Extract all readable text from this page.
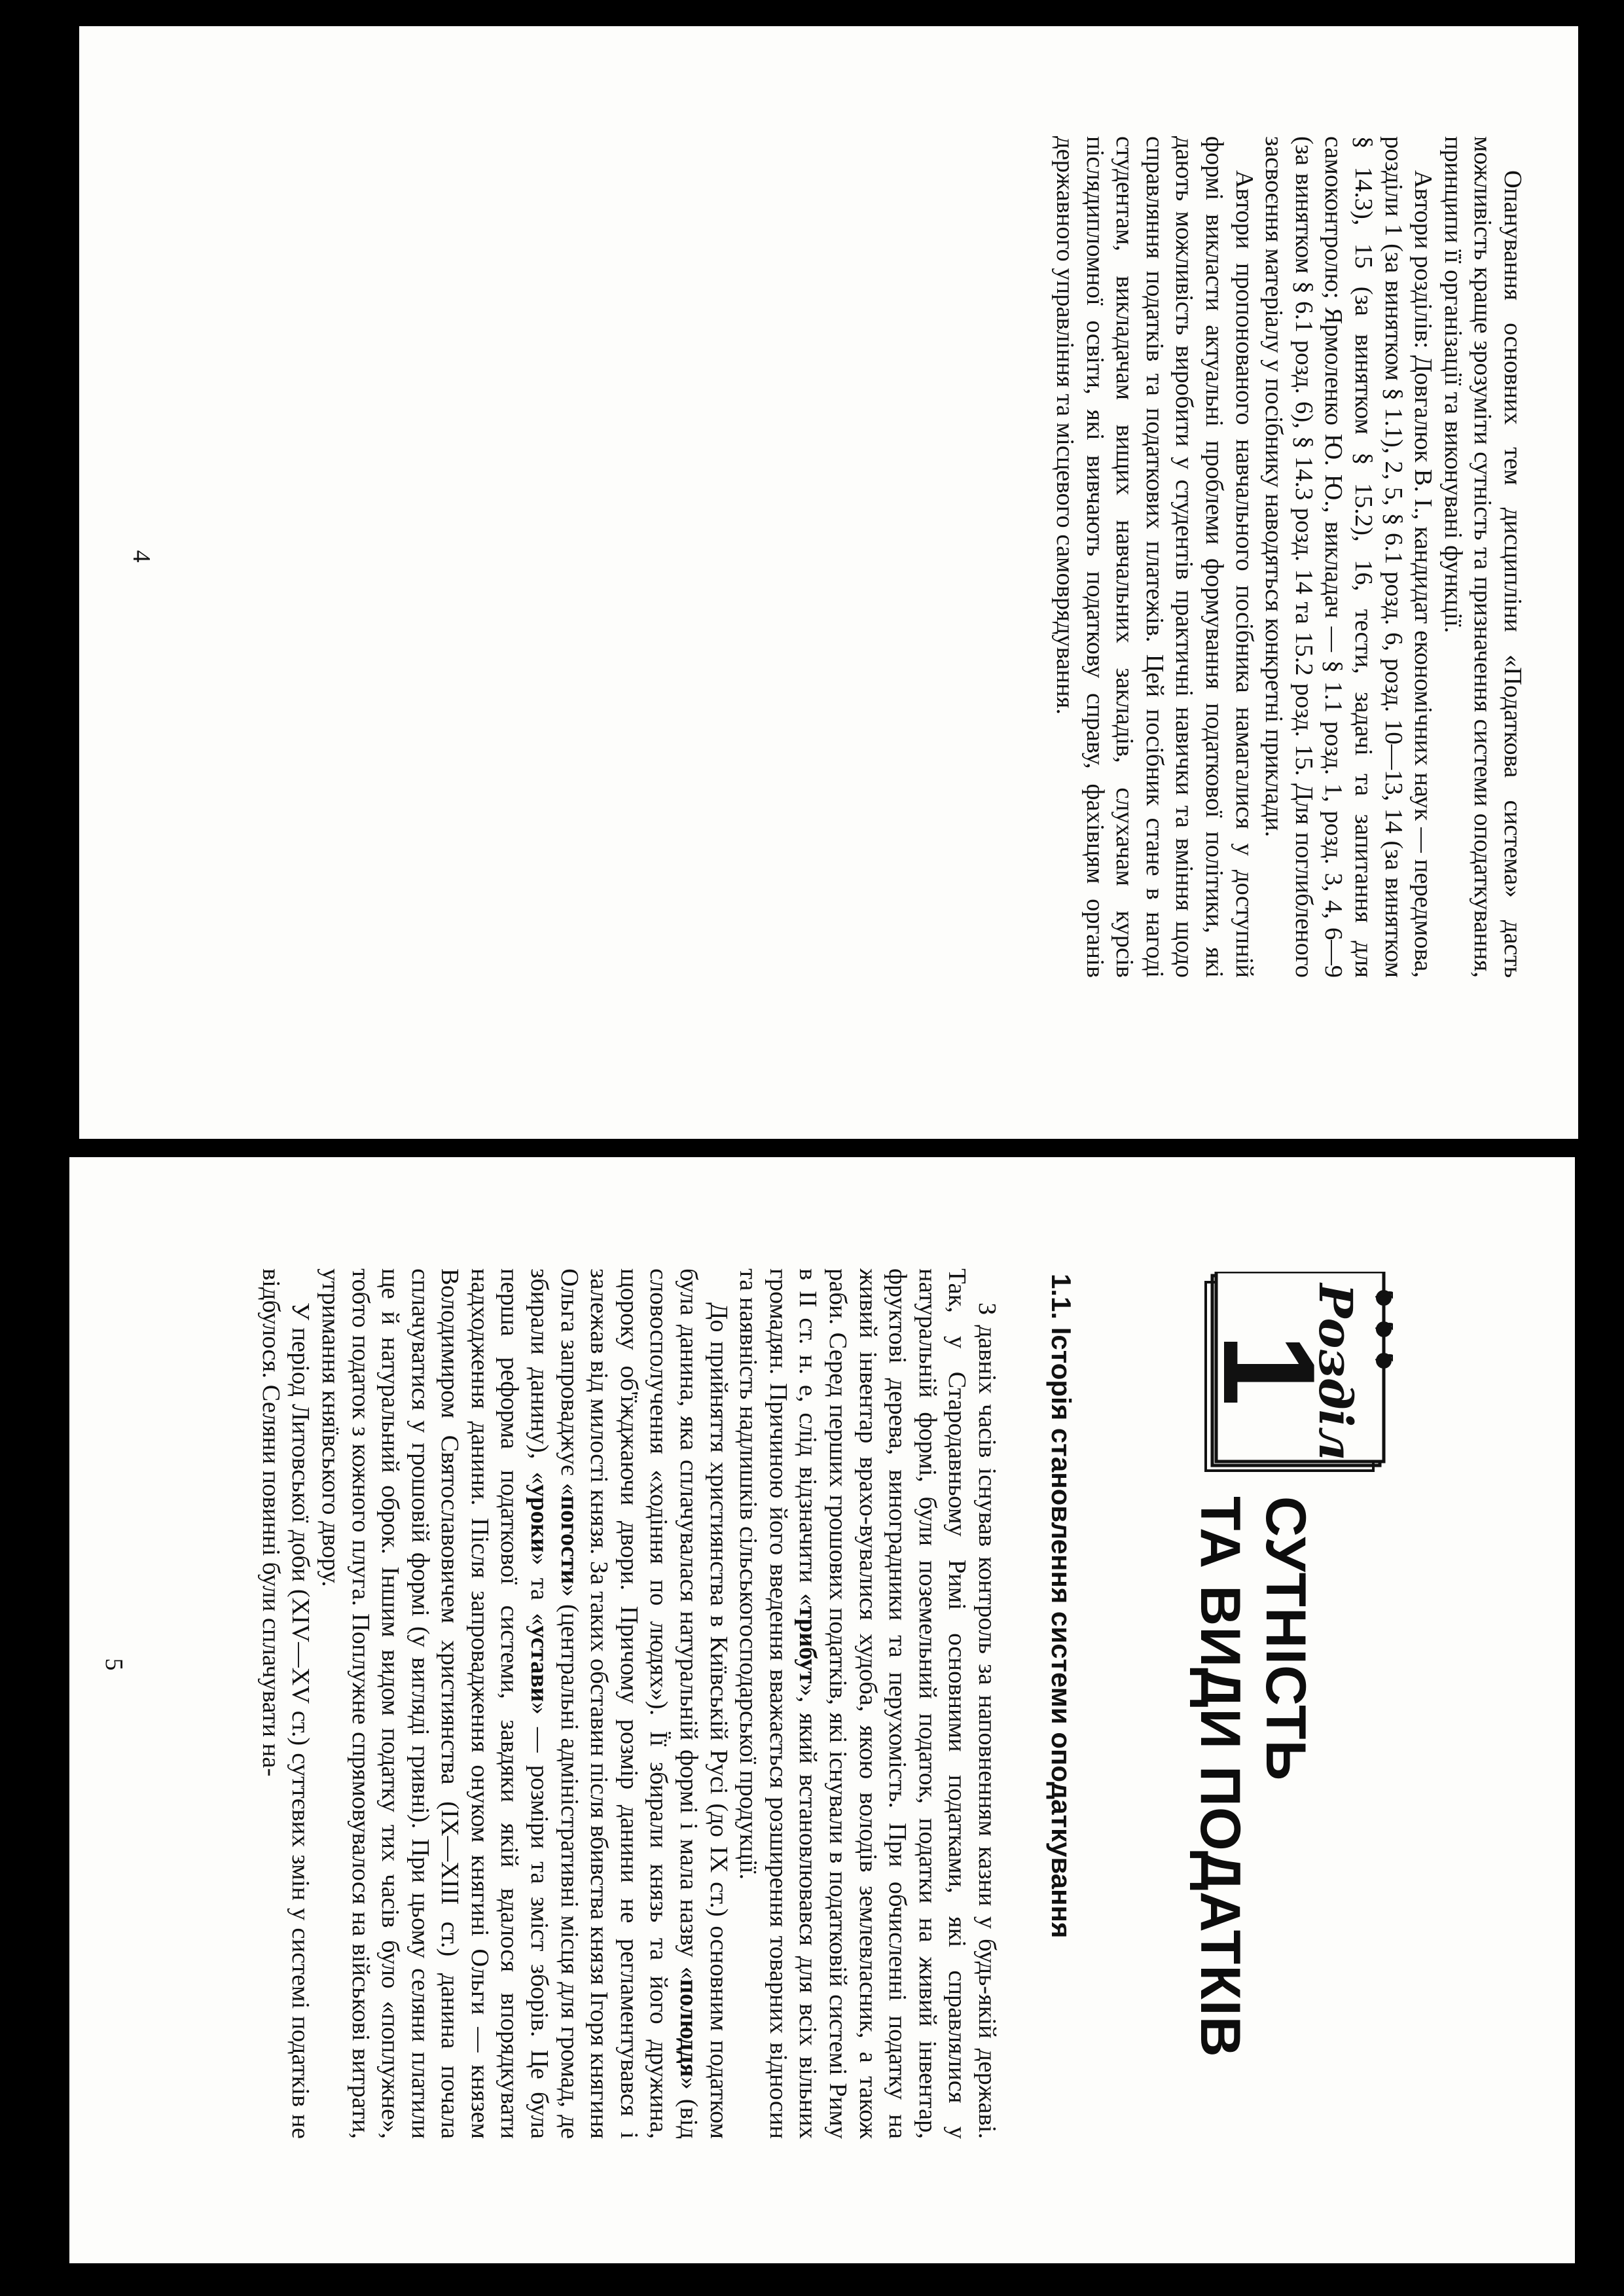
Опанування основних тем дисципліни «Податкова система» дасть можливість краще зрозуміти сутність та призначення системи оподаткування, принципи її організації та виконувані функції.

Автори розділів: Довгалюк В. І., кандидат економічних наук — передмова, розділи 1 (за винятком § 1.1), 2, 5, § 6.1 розд. 6, розд. 10—13, 14 (за винятком § 14.3), 15 (за винятком § 15.2), 16, тести, задачі та запитання для самоконтролю; Ярмоленко Ю. Ю., викладач — § 1.1 розд. 1, розд. 3, 4, 6—9 (за винятком § 6.1 розд. 6), § 14.3 розд. 14 та 15.2 розд. 15. Для поглибленого засвоєння матеріалу у посібнику наводяться конкретні приклади.

Автори пропонованого навчального посібника намагалися у доступній формі викласти актуальні проблеми формування податкової політики, які дають можливість виробити у студентів практичні навички та вміння щодо справляння податків та податкових платежів. Цей посібник стане в нагоді студентам, викладачам вищих навчальних закладів, слухачам курсів післядипломної освіти, які вивчають податкову справу, фахівцям органів державного управління та місцевого самоврядування.

4
Розділ
1
СУТНІСТЬ
ТА ВИДИ ПОДАТКІВ
1.1. Історія становлення системи оподаткування

З давніх часів існував контроль за наповненням казни у будь-якій державі. Так, у Стародавньому Римі основними податками, які справлялися у натуральній формі, були поземельний податок, податки на живий інвентар, фруктові дерева, виноградники та перухомість. При обчисленні податку на живий інвентар врахо-вувалися худоба, якою володів землевласник, а також раби. Серед перших грошових податків, які існували в податковій системі Риму в II ст. н. е, слід відзначити «трибут», який встановлювався для всіх вільних громадян. Причиною його введення вважається розширення товарних відносин та наявність надлишків сільськогосподарської продукції.

До прийняття християнства в Київській Русі (до IX ст.) основним податком була данина, яка сплачувалася натуральній формі і мала назву «полюддя» (від словосполучення «ходіння по людях»). Її збирали князь та його дружина, щороку об'їжджаючи двори. Причому розмір данини не регламентувався і залежав від милості князя. За таких обставин після вбивства князя Ігоря княгиня Ольга запроваджує «погости» (центральні адміністративні місця для громад, де збирали данину), «уроки» та «устави» — розміри та зміст зборів. Це була перша реформа податкової системи, завдяки якій вдалося впорядкувати надходження данини. Після запровадження онуком княгині Ольги — князем Володимиром Святославовичем християнства (IX—XIII ст.) данина почала сплачуватися у грошовій формі (у вигляді гривні). При цьому селяни платили ще й натуральний оброк. Іншим видом податку тих часів було «поплужне», тобто податок з кожного плуга. Поплужне спрямовувалося на військові витрати, утримання княївського двору.

У період Литовської доби (XIV—XV ст.) суттєвих змін у системі податків не відбулося. Селяни повинні були сплачувати на-

5
